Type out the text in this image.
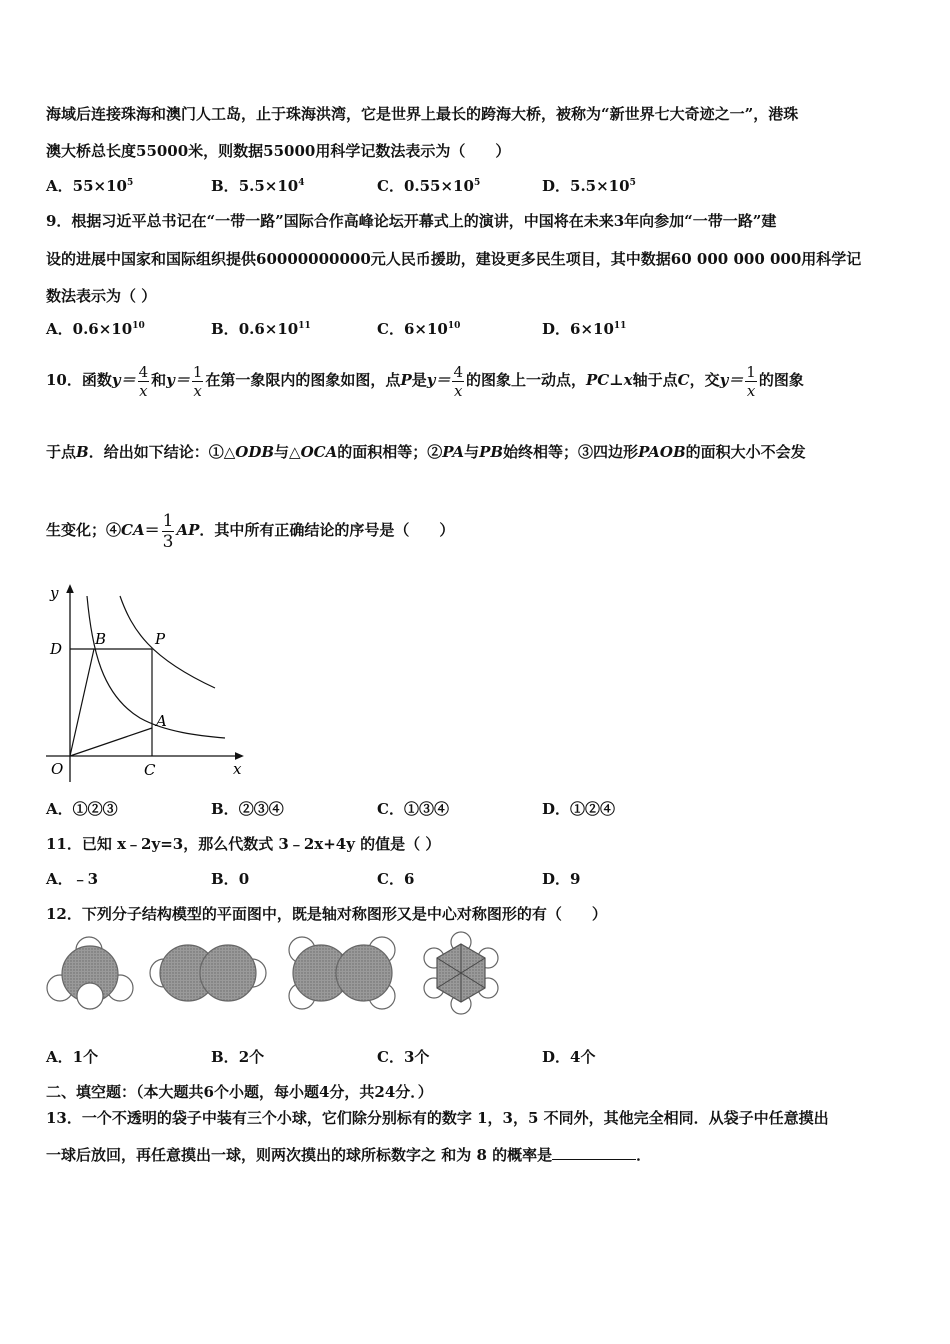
海域后连接珠海和澳门人工岛，止于珠海洪湾，它是世界上最长的跨海大桥，被称为“新世界七大奇迹之一”，港珠
澳大桥总长度55000米，则数据55000用科学记数法表示为（　　）
A．$55\times 10^5$	B．$5.5\times 10^4$	C．$0.55\times 10^5$	D．$5.5\times 10^5$
9．根据习近平总书记在“一带一路”国际合作高峰论坛开幕式上的演讲，中国将在未来3年向参加“一带一路”建
设的进展中国家和国际组织提供60000000000元人民币援助，建设更多民生项目，其中数据60 000 000 000用科学记
数法表示为（ ）
A．$0.6\times 10^{10}$	B．$0.6\times 10^{11}$	C．$6\times 10^{10}$	D．$6\times 10^{11}$
10．函数$y= \frac{4}{x}$ 和$y= \frac{1}{x}$ 在第一象限内的图象如图，点P是$y= \frac{4}{x}$ 的图象上一动点，PC⊥x轴于点C，交$y= \frac{1}{x}$ 的图象
于点B．给出如下结论：①△ODB与△OCA的面积相等；②PA与PB始终相等；③四边形PAOB的面积大小不会发
生变化；④CA＝ $\frac{1}{3}$ AP．其中所有正确结论的序号是（　　）
y
x
O
D
B	P
A
C
A．①②③	B．②③④	C．①③④	D．①②④
11．已知 x﹣2y=3，那么代数式 3﹣2x+4y 的值是（ ）
A．﹣3	B．0	C．6	D．9
12．下列分子结构模型的平面图中，既是轴对称图形又是中心对称图形的有（　　）
A．1个	B．2个	C．3个	D．4个
二、填空题：（本大题共6个小题，每小题4分，共24分．）
13．一个不透明的袋子中装有三个小球，它们除分别标有的数字 1，3，5 不同外，其他完全相同．从袋子中任意摸出
一球后放回，再任意摸出一球，则两次摸出的球所标数字之 和为 8 的概率是	．
